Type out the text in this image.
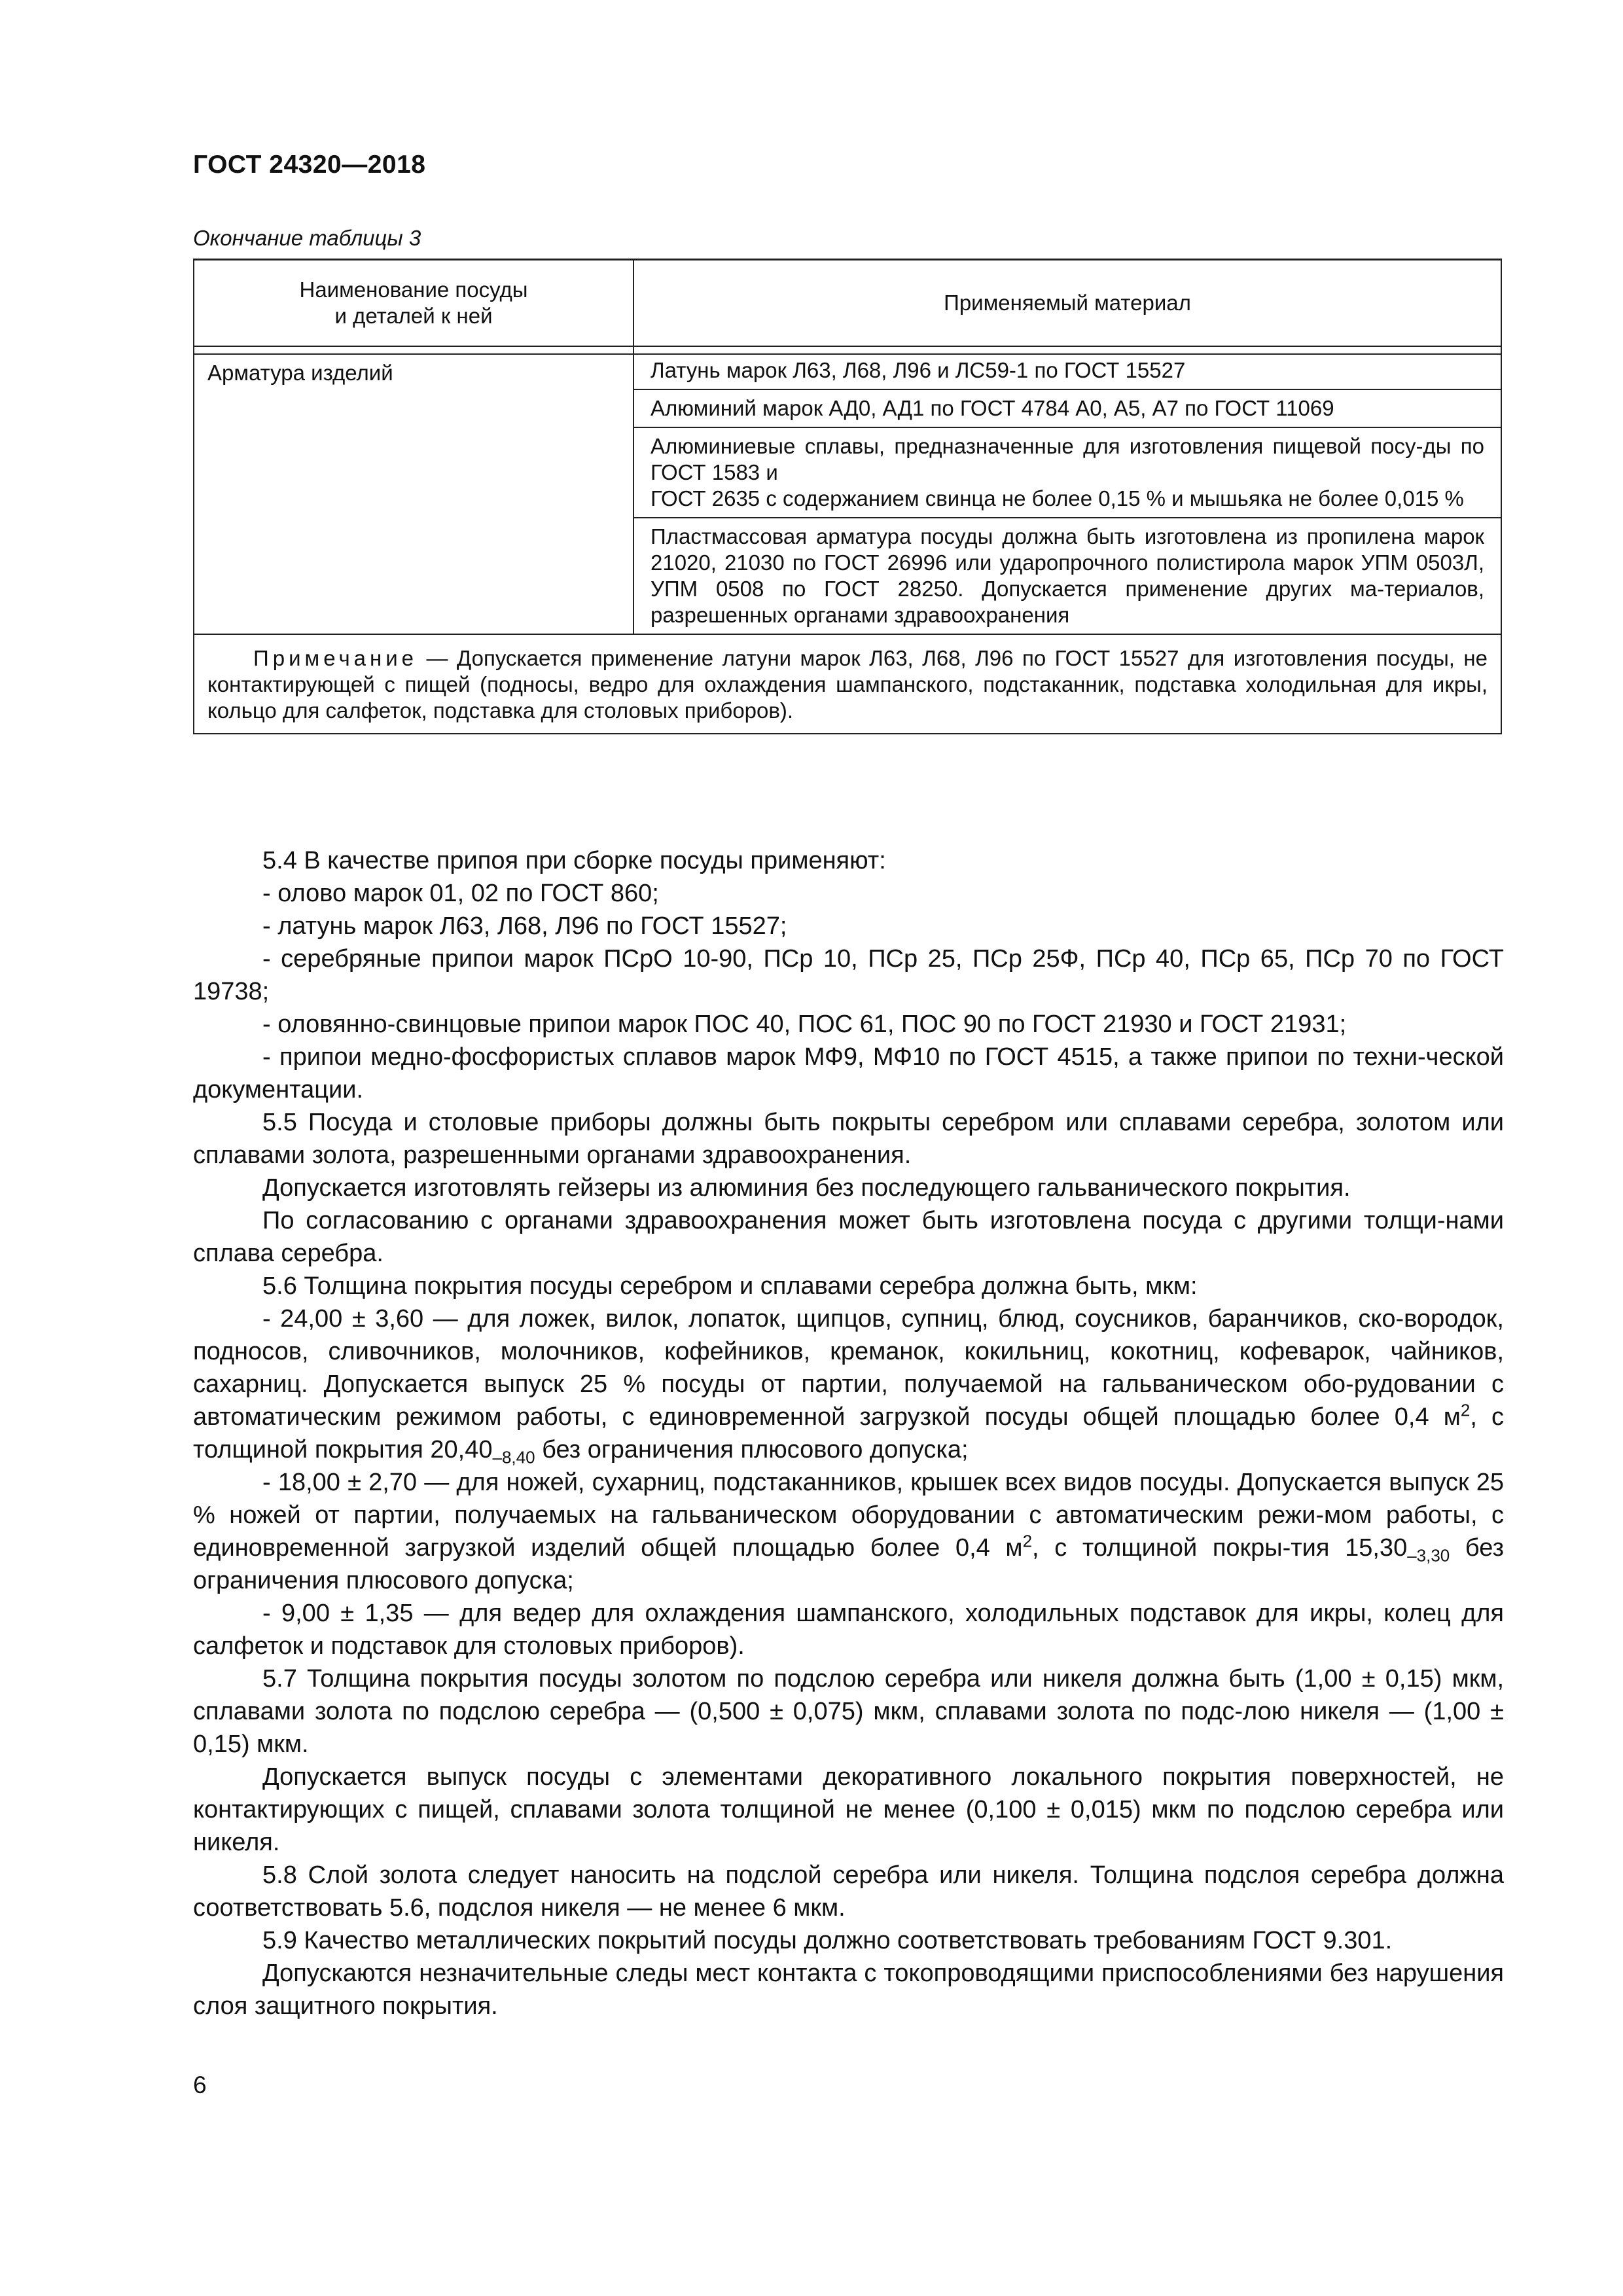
ГОСТ 24320—2018
Окончание таблицы 3
Наименование посуды
и деталей к ней	Применяемый материал

Арматура изделий	Латунь марок Л63, Л68, Л96 и ЛС59-1 по ГОСТ 15527
	Алюминий марок АД0, АД1 по ГОСТ 4784 А0, А5, А7 по ГОСТ 11069

	Алюминиевые сплавы, предназначенные для изготовления пищевой посу-ды по ГОСТ 1583 и
ГОСТ 2635 с содержанием свинца не более 0,15 % и мышьяка не более 0,015 %

	Пластмассовая арматура посуды должна быть изготовлена из пропилена марок 21020, 21030 по ГОСТ 26996 или ударопрочного полистирола марок УПМ 0503Л, УПМ 0508 по ГОСТ 28250. Допускается применение других ма-териалов, разрешенных органами здравоохранения
Примечание — Допускается применение латуни марок Л63, Л68, Л96 по ГОСТ 15527 для изготовления посуды, не контактирующей с пищей (подносы, ведро для охлаждения шампанского, подстаканник, подставка холодильная для икры, кольцо для салфеток, подставка для столовых приборов).	

5.4 В качестве припоя при сборке посуды применяют:

- олово марок 01, 02 по ГОСТ 860;

- латунь марок Л63, Л68, Л96 по ГОСТ 15527;

- серебряные припои марок ПСрО 10-90, ПСр 10, ПСр 25, ПСр 25Ф, ПСр 40, ПСр 65, ПСр 70 по ГОСТ 19738;

- оловянно-свинцовые припои марок ПОС 40, ПОС 61, ПОС 90 по ГОСТ 21930 и ГОСТ 21931;

- припои медно-фосфористых сплавов марок МФ9, МФ10 по ГОСТ 4515, а также припои по техни-ческой документации.

5.5 Посуда и столовые приборы должны быть покрыты серебром или сплавами серебра, золотом или сплавами золота, разрешенными органами здравоохранения.

Допускается изготовлять гейзеры из алюминия без последующего гальванического покрытия.

По согласованию с органами здравоохранения может быть изготовлена посуда с другими толщи-нами сплава серебра.

5.6 Толщина покрытия посуды серебром и сплавами серебра должна быть, мкм:

- 24,00 ± 3,60 — для ложек, вилок, лопаток, щипцов, супниц, блюд, соусников, баранчиков, ско-вородок, подносов, сливочников, молочников, кофейников, креманок, кокильниц, кокотниц, кофеварок, чайников, сахарниц. Допускается выпуск 25 % посуды от партии, получаемой на гальваническом обо-рудовании с автоматическим режимом работы, с единовременной загрузкой посуды общей площадью более 0,4 $м^2$, с толщиной покрытия $20,40_{-8,40}$ без ограничения плюсового допуска;

- 18,00 ± 2,70 — для ножей, сухарниц, подстаканников, крышек всех видов посуды. Допускается выпуск 25 % ножей от партии, получаемых на гальваническом оборудовании с автоматическим режи-мом работы, с единовременной загрузкой изделий общей площадью более 0,4 $м^2$, с толщиной покры-тия $15,30_{-3,30}$ без ограничения плюсового допуска;

- 9,00 ± 1,35 — для ведер для охлаждения шампанского, холодильных подставок для икры, колец для салфеток и подставок для столовых приборов).

5.7 Толщина покрытия посуды золотом по подслою серебра или никеля должна быть (1,00 ± 0,15) мкм, сплавами золота по подслою серебра — (0,500 ± 0,075) мкм, сплавами золота по подс-лою никеля — (1,00 ± 0,15) мкм.

Допускается выпуск посуды с элементами декоративного локального покрытия поверхностей, не контактирующих с пищей, сплавами золота толщиной не менее (0,100 ± 0,015) мкм по подслою серебра или никеля.

5.8 Слой золота следует наносить на подслой серебра или никеля. Толщина подслоя серебра должна соответствовать 5.6, подслоя никеля — не менее 6 мкм.

5.9 Качество металлических покрытий посуды должно соответствовать требованиям ГОСТ 9.301.

Допускаются незначительные следы мест контакта с токопроводящими приспособлениями без нарушения слоя защитного покрытия.

6
